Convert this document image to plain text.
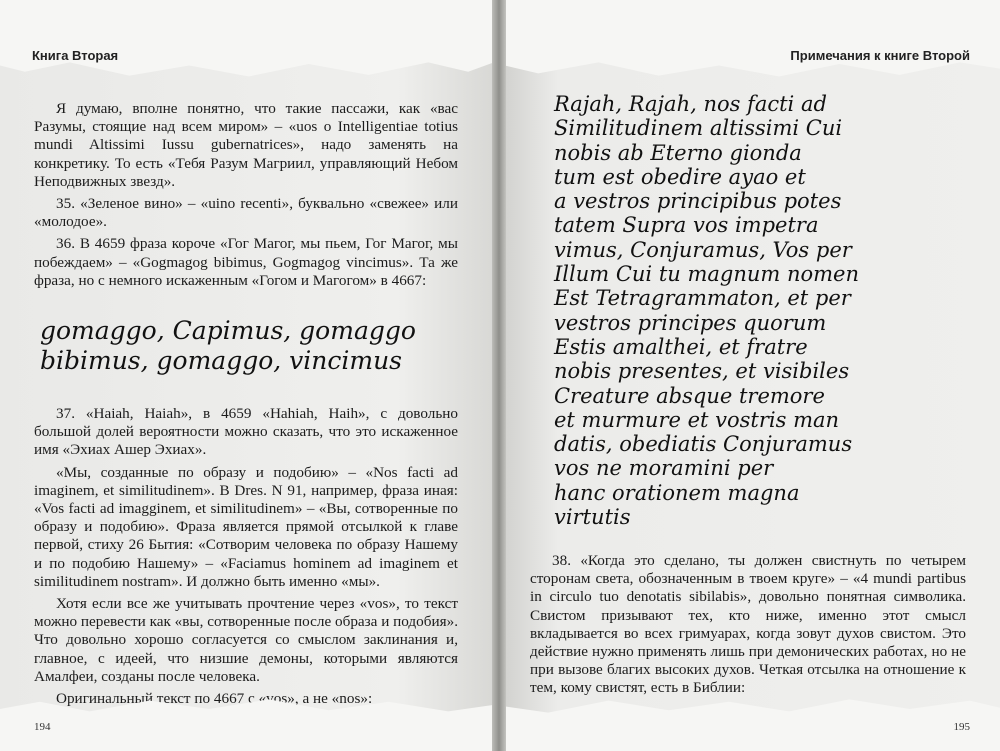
Книга Вторая

Я думаю, вполне понятно, что такие пассажи, как «вас Разумы, стоящие над всем миром» – «uos o Intelligentiae totius mundi Altissimi Iussu gubernatrices», надо заменять на конкретику. То есть «Тебя Разум Магриил, управляющий Небом Неподвижных звезд».

35. «Зеленое вино» – «uino recenti», буквально «свежее» или «молодое».

36. В 4659 фраза короче «Гог Магог, мы пьем, Гог Магог, мы побеждаем» – «Gogmagog bibimus, Gogmagog vincimus». Та же фраза, но с немного искаженным «Гогом и Магогом» в 4667:

gomaggo, Capimus, gomaggo
bibimus, gomaggo, vincimus

37. «Haiah, Haiah», в 4659 «Hahiah, Haih», с довольно большой долей вероятности можно сказать, что это искаженное имя «Эхиах Ашер Эхиах».

«Мы, созданные по образу и подобию» – «Nos facti ad imaginem, et similitudinem». В Dres. N 91, например, фраза иная: «Vos facti ad imagginem, et similitudinem» – «Вы, сотворенные по образу и подобию». Фраза является прямой отсылкой к главе первой, стиху 26 Бытия: «Сотворим человека по образу Нашему и по подобию Нашему» – «Faciamus hominem ad imaginem et similitudinem nostram». И должно быть именно «мы».

Хотя если все же учитывать прочтение через «vos», то текст можно перевести как «вы, сотворенные после образа и подобия». Что довольно хорошо согласуется со смыслом заклинания и, главное, с идеей, что низшие демоны, которыми являются Амалфеи, созданы после человека.

Оригинальный текст по 4667 с «vos», а не «nos»:

194
Примечания к книге Второй
Rajah, Rajah, nos facti ad
Similitudinem altissimi Cui
nobis ab Eterno gionda
tum est obedire ayao et
a vestros principibus potes
tatem Supra vos impetra
vimus, Conjuramus, Vos per
Illum Cui tu magnum nomen
Est Tetragrammaton, et per
vestros principes quorum
Estis amalthei, et fratre
nobis presentes, et visibiles
Creature absque tremore
et murmure et vostris man
datis, obediatis Conjuramus
vos ne moramini per
hanc orationem magna
virtutis

38. «Когда это сделано, ты должен свистнуть по четырем сторонам света, обозначенным в твоем круге» – «4 mundi partibus in circulo tuo denotatis sibilabis», довольно понятная символика. Свистом призывают тех, кто ниже, именно этот смысл вкладывается во всех гримуарах, когда зовут духов свистом. Это действие нужно применять лишь при демонических работах, но не при вызове благих высоких духов. Четкая отсылка на отношение к тем, кому свистят, есть в Библии:

195
